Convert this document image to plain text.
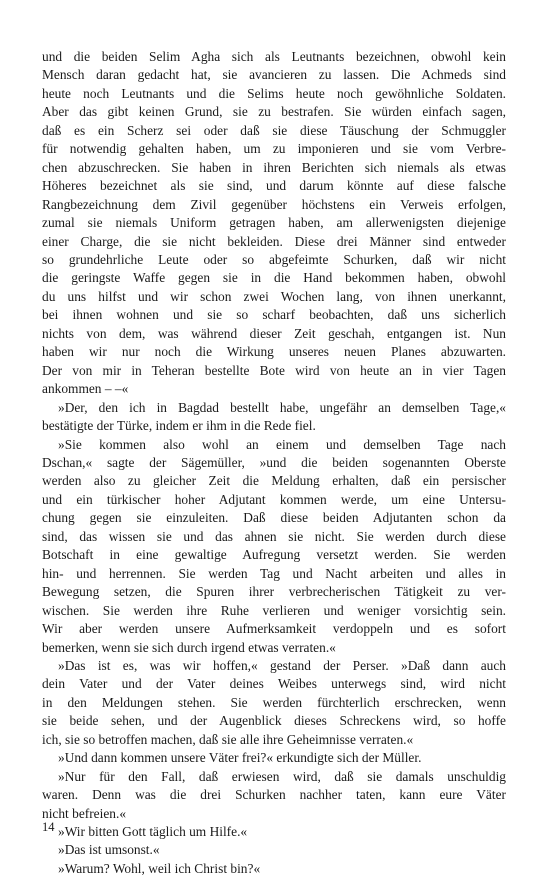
und die beiden Selim Agha sich als Leutnants bezeichnen, obwohl kein
Mensch daran gedacht hat, sie avancieren zu lassen. Die Achmeds sind
heute noch Leutnants und die Selims heute noch gewöhnliche Soldaten.
Aber das gibt keinen Grund, sie zu bestrafen. Sie würden einfach sagen,
daß es ein Scherz sei oder daß sie diese Täuschung der Schmuggler
für notwendig gehalten haben, um zu imponieren und sie vom Verbre-
chen abzuschrecken. Sie haben in ihren Berichten sich niemals als etwas
Höheres bezeichnet als sie sind, und darum könnte auf diese falsche
Rangbezeichnung dem Zivil gegenüber höchstens ein Verweis erfolgen,
zumal sie niemals Uniform getragen haben, am allerwenigsten diejenige
einer Charge, die sie nicht bekleiden. Diese drei Männer sind entweder
so grundehrliche Leute oder so abgefeimte Schurken, daß wir nicht
die geringste Waffe gegen sie in die Hand bekommen haben, obwohl
du uns hilfst und wir schon zwei Wochen lang, von ihnen unerkannt,
bei ihnen wohnen und sie so scharf beobachten, daß uns sicherlich
nichts von dem, was während dieser Zeit geschah, entgangen ist. Nun
haben wir nur noch die Wirkung unseres neuen Planes abzuwarten.
Der von mir in Teheran bestellte Bote wird von heute an in vier Tagen
ankommen – –«
»Der, den ich in Bagdad bestellt habe, ungefähr an demselben Tage,«
bestätigte der Türke, indem er ihm in die Rede fiel.
»Sie kommen also wohl an einem und demselben Tage nach
Dschan,« sagte der Sägemüller, »und die beiden sogenannten Oberste
werden also zu gleicher Zeit die Meldung erhalten, daß ein persischer
und ein türkischer hoher Adjutant kommen werde, um eine Untersu-
chung gegen sie einzuleiten. Daß diese beiden Adjutanten schon da
sind, das wissen sie und das ahnen sie nicht. Sie werden durch diese
Botschaft in eine gewaltige Aufregung versetzt werden. Sie werden
hin- und herrennen. Sie werden Tag und Nacht arbeiten und alles in
Bewegung setzen, die Spuren ihrer verbrecherischen Tätigkeit zu ver-
wischen. Sie werden ihre Ruhe verlieren und weniger vorsichtig sein.
Wir aber werden unsere Aufmerksamkeit verdoppeln und es sofort
bemerken, wenn sie sich durch irgend etwas verraten.«
»Das ist es, was wir hoffen,« gestand der Perser. »Daß dann auch
dein Vater und der Vater deines Weibes unterwegs sind, wird nicht
in den Meldungen stehen. Sie werden fürchterlich erschrecken, wenn
sie beide sehen, und der Augenblick dieses Schreckens wird, so hoffe
ich, sie so betroffen machen, daß sie alle ihre Geheimnisse verraten.«
»Und dann kommen unsere Väter frei?« erkundigte sich der Müller.
»Nur für den Fall, daß erwiesen wird, daß sie damals unschuldig
waren. Denn was die drei Schurken nachher taten, kann eure Väter
nicht befreien.«
»Wir bitten Gott täglich um Hilfe.«
»Das ist umsonst.«
»Warum? Wohl, weil ich Christ bin?«
14
